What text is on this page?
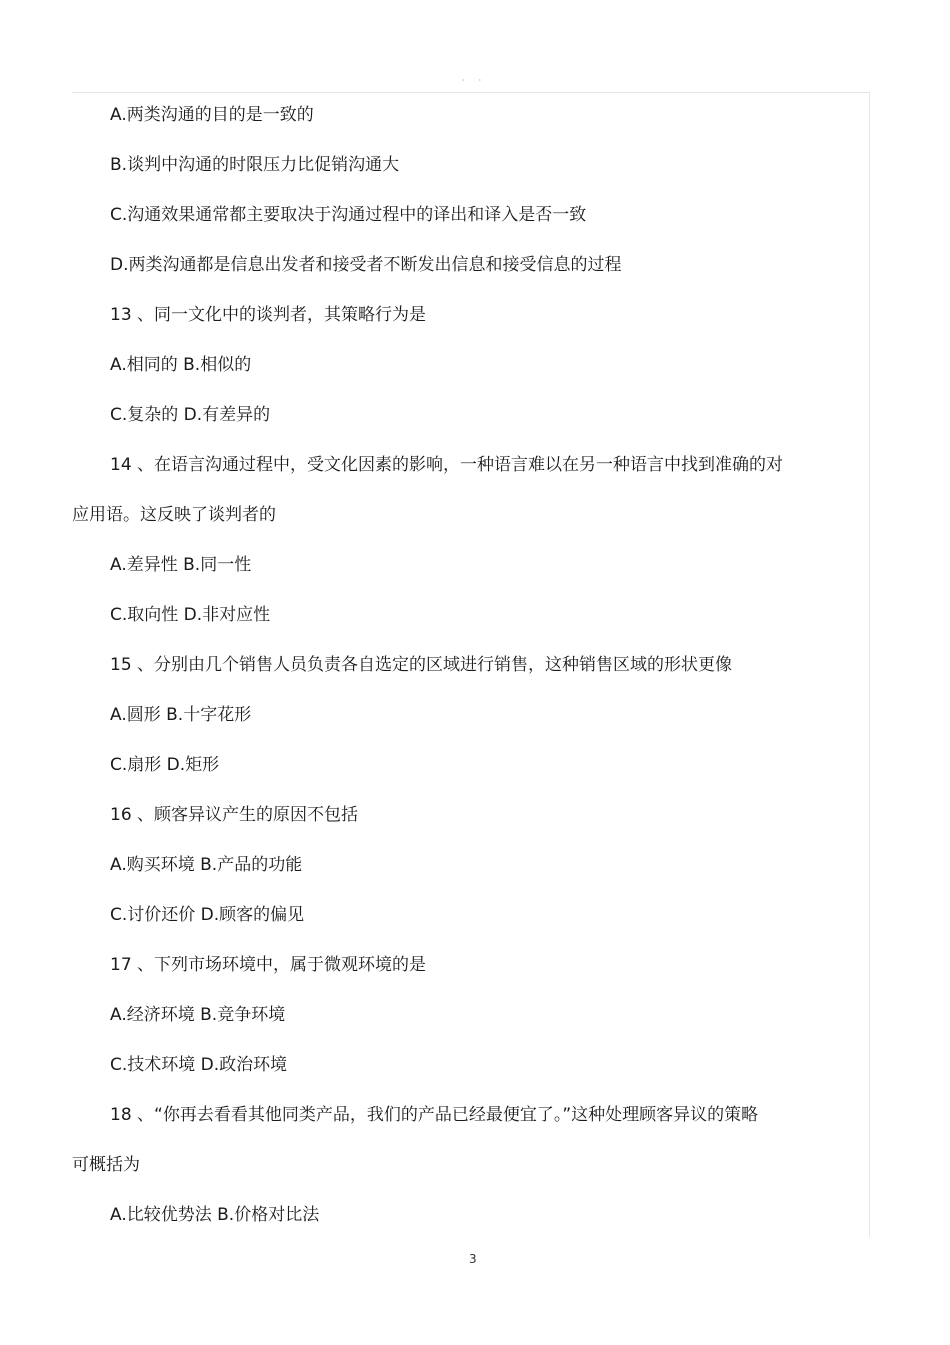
' '
A.两类沟通的目的是一致的
B.谈判中沟通的时限压力比促销沟通大
C.沟通效果通常都主要取决于沟通过程中的译出和译入是否一致
D.两类沟通都是信息出发者和接受者不断发出信息和接受信息的过程
13 、同一文化中的谈判者，其策略行为是
A.相同的 B.相似的
C.复杂的 D.有差异的
14 、在语言沟通过程中，受文化因素的影响，一种语言难以在另一种语言中找到准确的对
应用语。这反映了谈判者的
A.差异性 B.同一性
C.取向性 D.非对应性
15 、分别由几个销售人员负责各自选定的区域进行销售，这种销售区域的形状更像
A.圆形 B.十字花形
C.扇形 D.矩形
16 、顾客异议产生的原因不包括
A.购买环境 B.产品的功能
C.讨价还价 D.顾客的偏见
17 、下列市场环境中，属于微观环境的是
A.经济环境 B.竞争环境
C.技术环境 D.政治环境
18 、“你再去看看其他同类产品，我们的产品已经最便宜了。”这种处理顾客异议的策略
可概括为
A.比较优势法 B.价格对比法
3
